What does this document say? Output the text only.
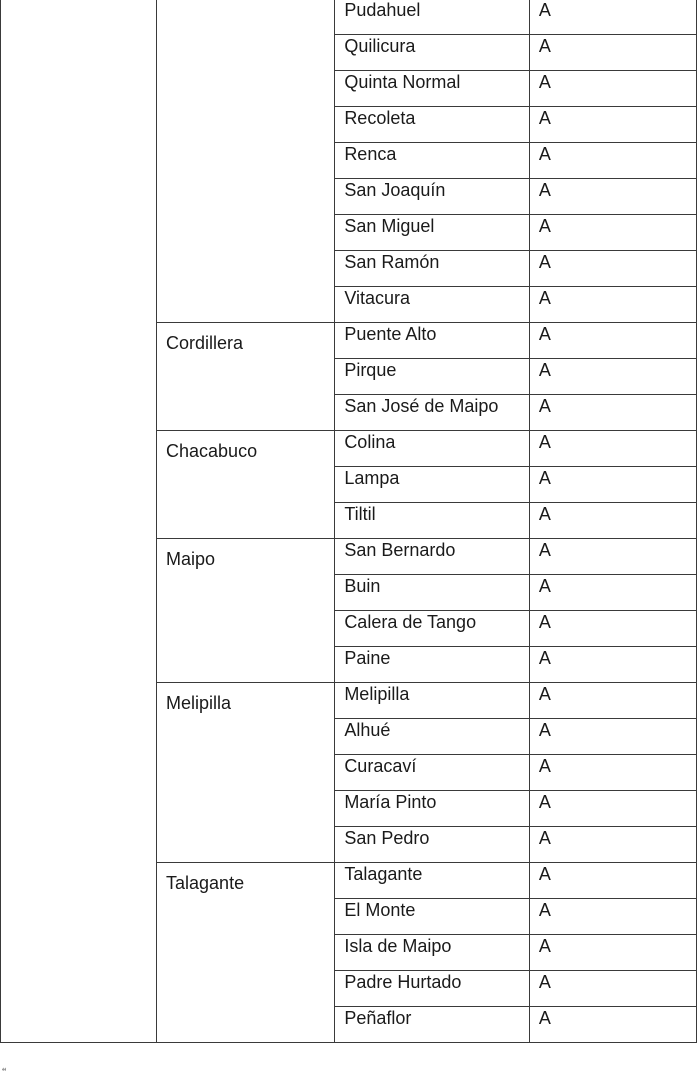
		Pudahuel	A
		Quilicura	A
		Quinta Normal	A
		Recoleta	A
		Renca	A
		San Joaquín	A
		San Miguel	A
		San Ramón	A
		Vitacura	A
	Cordillera	Puente Alto	A
		Pirque	A
		San José de Maipo	A
	Chacabuco	Colina	A
		Lampa	A
		Tiltil	A
	Maipo	San Bernardo	A
		Buin	A
		Calera de Tango	A
		Paine	A
	Melipilla	Melipilla	A
		Alhué	A
		Curacaví	A
		María Pinto	A
		San Pedro	A
	Talagante	Talagante	A
		El Monte	A
		Isla de Maipo	A
		Padre Hurtado	A
		Peñaflor	A
“
